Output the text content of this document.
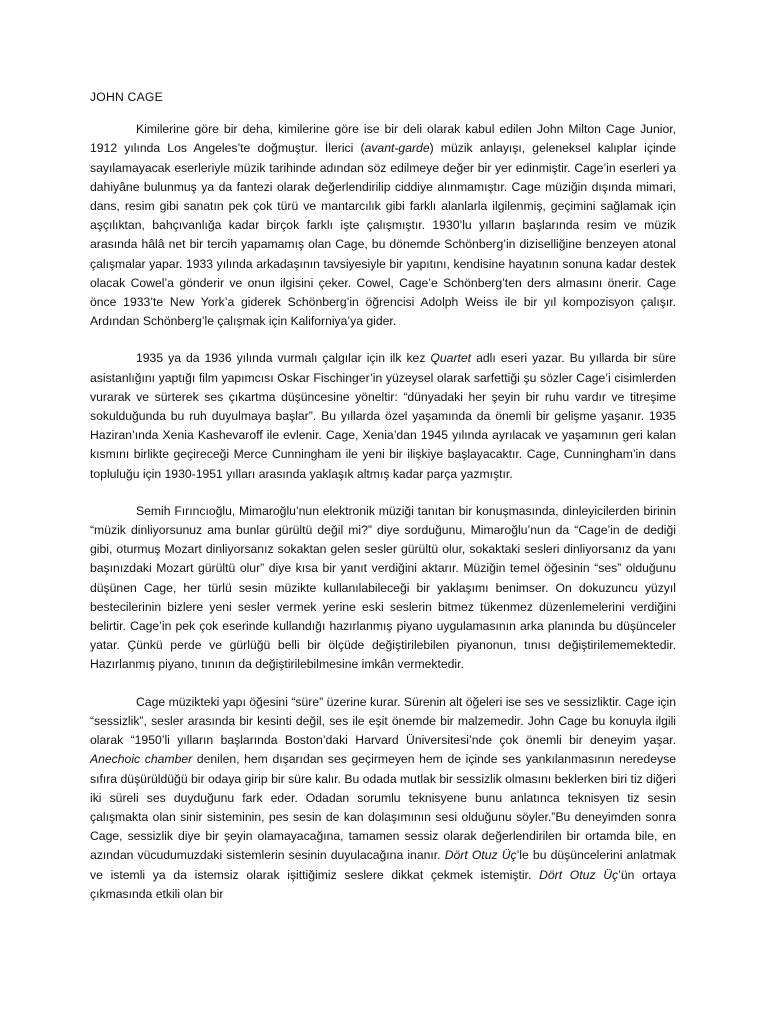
JOHN CAGE

Kimilerine göre bir deha, kimilerine göre ise bir deli olarak kabul edilen John Milton Cage Junior, 1912 yılında Los Angeles’te doğmuştur. İlerici (avant-garde) müzik anlayışı, geleneksel kalıplar içinde sayılamayacak eserleriyle müzik tarihinde adından söz edilmeye değer bir yer edinmiştir. Cage’in eserleri ya dahiyâne bulunmuş ya da fantezi olarak değerlendirilip ciddiye alınmamıştır. Cage müziğin dışında mimari, dans, resim gibi sanatın pek çok türü ve mantarcılık gibi farklı alanlarla ilgilenmiş, geçimini sağlamak için aşçılıktan, bahçıvanlığa kadar birçok farklı işte çalışmıştır. 1930’lu yılların başlarında resim ve müzik arasında hâlâ net bir tercih yapamamış olan Cage, bu dönemde Schönberg’in diziselliğine benzeyen atonal çalışmalar yapar. 1933 yılında arkadaşının tavsiyesiyle bir yapıtını, kendisine hayatının sonuna kadar destek olacak Cowel’a gönderir ve onun ilgisini çeker. Cowel, Cage’e Schönberg’ten ders almasını önerir. Cage önce 1933’te New York’a giderek Schönberg’in öğrencisi Adolph Weiss ile bir yıl kompozisyon çalışır. Ardından Schönberg’le çalışmak için Kaliforniya’ya gider.

1935 ya da 1936 yılında vurmalı çalgılar için ilk kez Quartet adlı eseri yazar. Bu yıllarda bir süre asistanlığını yaptığı film yapımcısı Oskar Fischinger’in yüzeysel olarak sarfettiği şu sözler Cage’i cisimlerden vurarak ve sürterek ses çıkartma düşüncesine yöneltir: “dünyadaki her şeyin bir ruhu vardır ve titreşime sokulduğunda bu ruh duyulmaya başlar”. Bu yıllarda özel yaşamında da önemli bir gelişme yaşanır. 1935 Haziran’ında Xenia Kashevaroff ile evlenir. Cage, Xenia’dan 1945 yılında ayrılacak ve yaşamının geri kalan kısmını birlikte geçireceği Merce Cunningham ile yeni bir ilişkiye başlayacaktır. Cage, Cunningham’in dans topluluğu için 1930-1951 yılları arasında yaklaşık altmış kadar parça yazmıştır.

Semih Fırıncıoğlu, Mimaroğlu’nun elektronik müziği tanıtan bir konuşmasında, dinleyicilerden birinin “müzik dinliyorsunuz ama bunlar gürültü değil mi?” diye sorduğunu, Mimaroğlu’nun da “Cage’in de dediği gibi, oturmuş Mozart dinliyorsanız sokaktan gelen sesler gürültü olur, sokaktaki sesleri dinliyorsanız da yanı başınızdaki Mozart gürültü olur” diye kısa bir yanıt verdiğini aktarır. Müziğin temel öğesinin “ses” olduğunu düşünen Cage, her türlü sesin müzikte kullanılabileceği bir yaklaşımı benimser. On dokuzuncu yüzyıl bestecilerinin bizlere yeni sesler vermek yerine eski seslerin bitmez tükenmez düzenlemelerini verdiğini belirtir. Cage’in pek çok eserinde kullandığı hazırlanmış piyano uygulamasının arka planında bu düşünceler yatar. Çünkü perde ve gürlüğü belli bir ölçüde değiştirilebilen piyanonun, tınısı değiştirilememektedir. Hazırlanmış piyano, tınının da değiştirilebilmesine imkân vermektedir.

Cage müzikteki yapı öğesini “süre” üzerine kurar. Sürenin alt öğeleri ise ses ve sessizliktir. Cage için “sessizlik”, sesler arasında bir kesinti değil, ses ile eşit önemde bir malzemedir. John Cage bu konuyla ilgili olarak “1950’li yılların başlarında Boston’daki Harvard Üniversitesi’nde çok önemli bir deneyim yaşar. Anechoic chamber denilen, hem dışarıdan ses geçirmeyen hem de içinde ses yankılanmasının neredeyse sıfıra düşürüldüğü bir odaya girip bir süre kalır. Bu odada mutlak bir sessizlik olmasını beklerken biri tiz diğeri iki süreli ses duyduğunu fark eder. Odadan sorumlu teknisyene bunu anlatınca teknisyen tiz sesin çalışmakta olan sinir sisteminin, pes sesin de kan dolaşımının sesi olduğunu söyler.”Bu deneyimden sonra Cage, sessizlik diye bir şeyin olamayacağına, tamamen sessiz olarak değerlendirilen bir ortamda bile, en azından vücudumuzdaki sistemlerin sesinin duyulacağına inanır. Dört Otuz Üç’le bu düşüncelerini anlatmak ve istemli ya da istemsiz olarak işittiğimiz seslere dikkat çekmek istemiştir. Dört Otuz Üç’ün ortaya çıkmasında etkili olan bir
